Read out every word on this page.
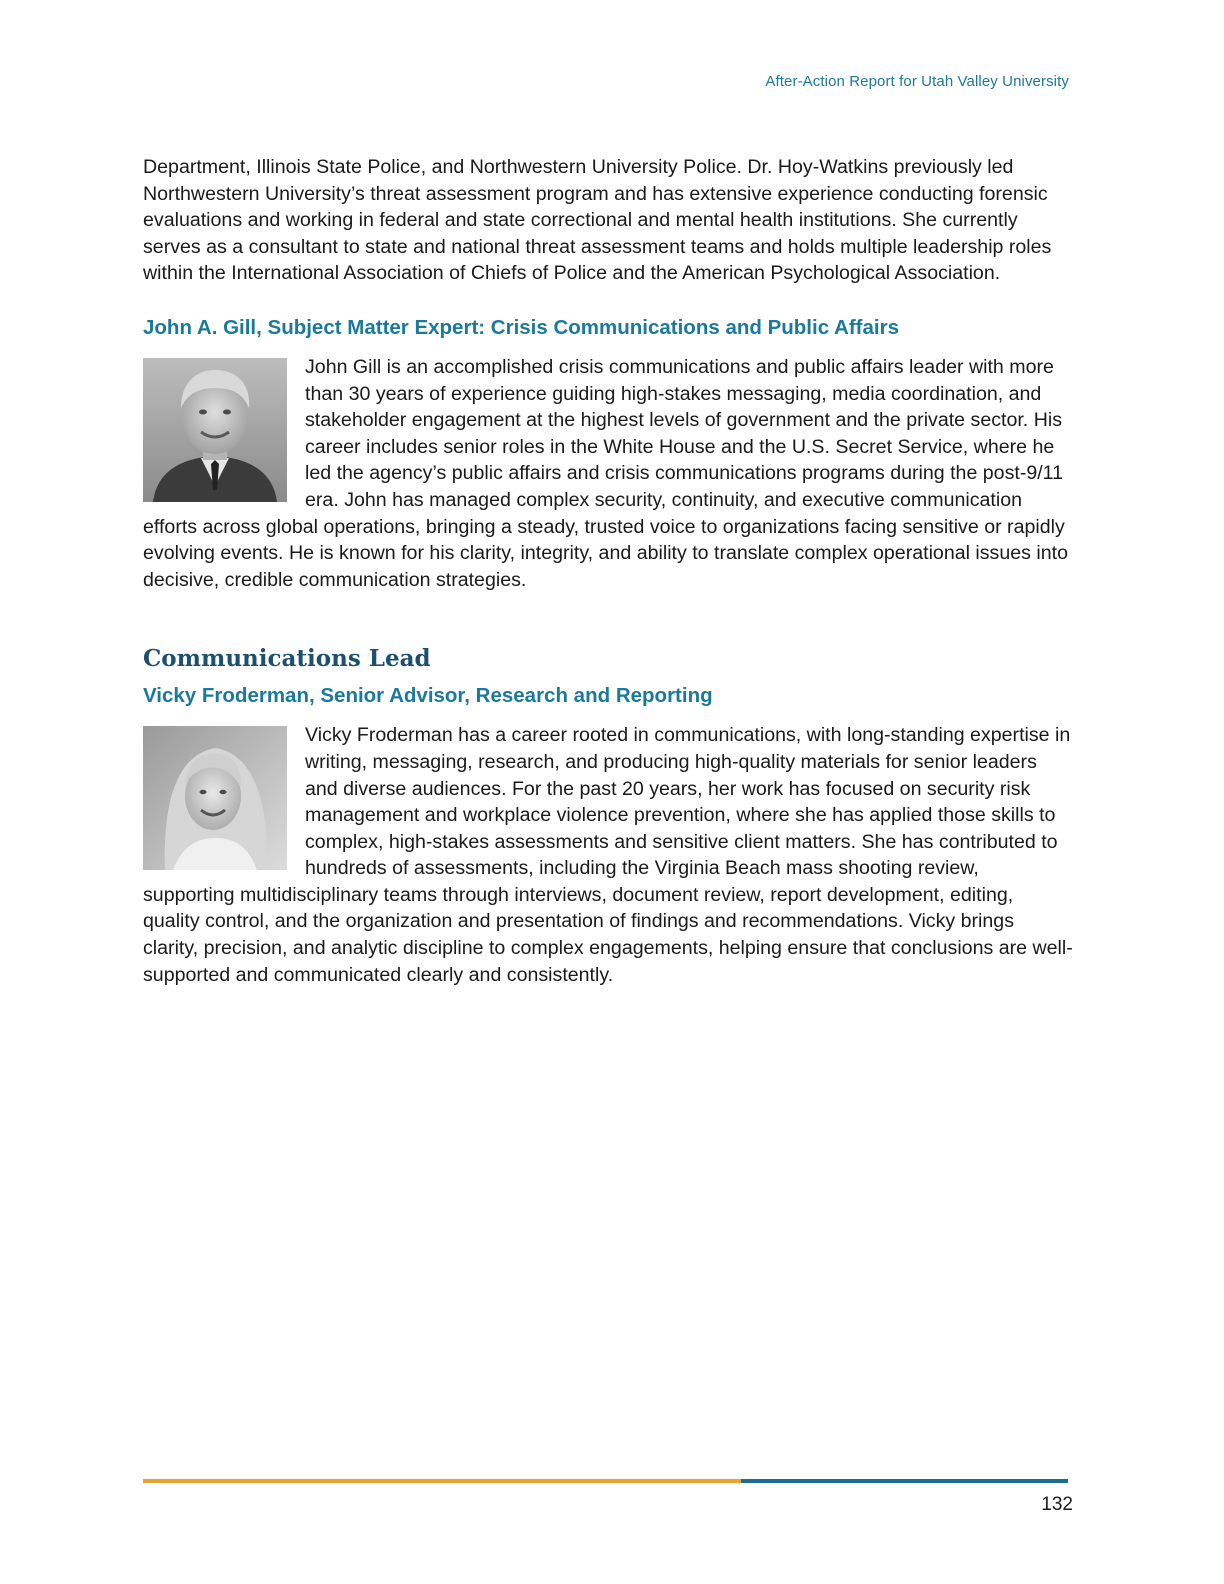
After-Action Report for Utah Valley University

Department, Illinois State Police, and Northwestern University Police. Dr. Hoy-Watkins previously led Northwestern University’s threat assessment program and has extensive experience conducting forensic evaluations and working in federal and state correctional and mental health institutions. She currently serves as a consultant to state and national threat assessment teams and holds multiple leadership roles within the International Association of Chiefs of Police and the American Psychological Association.

John A. Gill, Subject Matter Expert: Crisis Communications and Public Affairs

John Gill is an accomplished crisis communications and public affairs leader with more than 30 years of experience guiding high-stakes messaging, media coordination, and stakeholder engagement at the highest levels of government and the private sector. His career includes senior roles in the White House and the U.S. Secret Service, where he led the agency’s public affairs and crisis communications programs during the post-9/11 era. John has managed complex security, continuity, and executive communication efforts across global operations, bringing a steady, trusted voice to organizations facing sensitive or rapidly evolving events. He is known for his clarity, integrity, and ability to translate complex operational issues into decisive, credible communication strategies.

Communications Lead
Vicky Froderman, Senior Advisor, Research and Reporting

Vicky Froderman has a career rooted in communications, with long-standing expertise in writing, messaging, research, and producing high-quality materials for senior leaders and diverse audiences. For the past 20 years, her work has focused on security risk management and workplace violence prevention, where she has applied those skills to complex, high-stakes assessments and sensitive client matters. She has contributed to hundreds of assessments, including the Virginia Beach mass shooting review, supporting multidisciplinary teams through interviews, document review, report development, editing, quality control, and the organization and presentation of findings and recommendations. Vicky brings clarity, precision, and analytic discipline to complex engagements, helping ensure that conclusions are well-supported and communicated clearly and consistently.

132
